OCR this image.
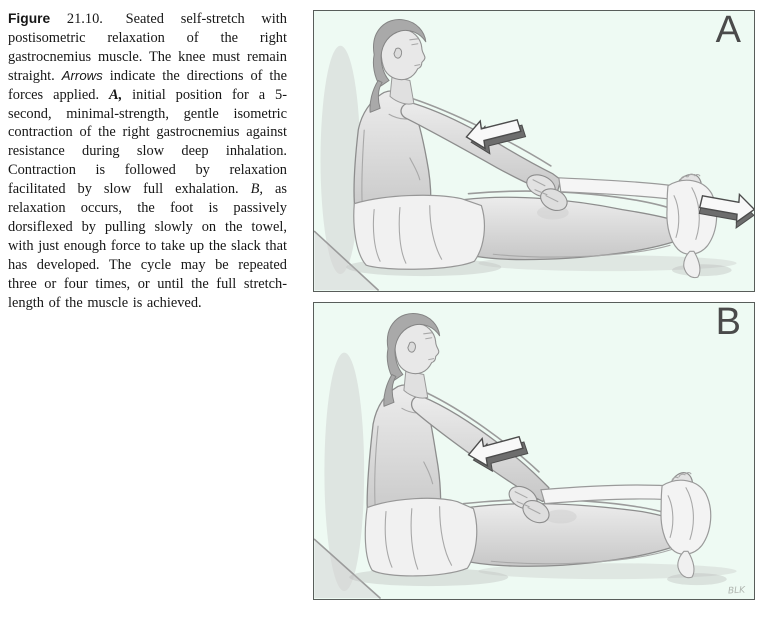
Figure 21.10. Seated self-stretch with postisometric relaxation of the right gastrocnemius muscle. The knee must remain straight. Arrows indicate the directions of the forces applied. A, initial position for a 5-second, minimal-strength, gentle isometric contraction of the right gastrocnemius against resistance during slow deep inhalation. Contraction is followed by relaxation facilitated by slow full exhalation. B, as relaxation occurs, the foot is passively dorsiflexed by pulling slowly on the towel, with just enough force to take up the slack that has developed. The cycle may be repeated three or four times, or until the full stretch-length of the muscle is achieved.
A
B
BLK
